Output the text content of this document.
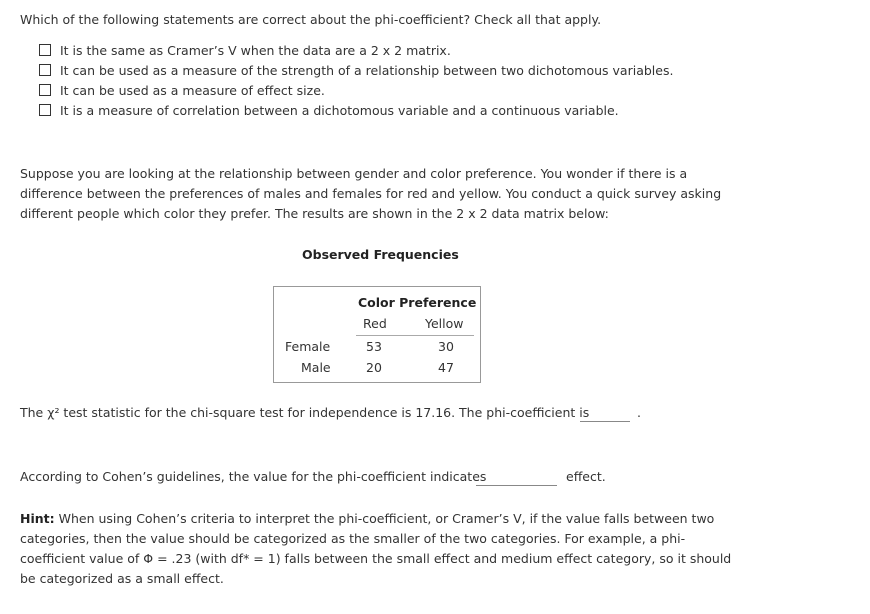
Which of the following statements are correct about the phi-coefficient? Check all that apply.
It is the same as Cramer’s V when the data are a 2 x 2 matrix.
It can be used as a measure of the strength of a relationship between two dichotomous variables.
It can be used as a measure of effect size.
It is a measure of correlation between a dichotomous variable and a continuous variable.
Suppose you are looking at the relationship between gender and color preference. You wonder if there is a difference between the preferences of males and females for red and yellow. You conduct a quick survey asking different people which color they prefer. The results are shown in the 2 x 2 data matrix below:
Observed Frequencies
Color Preference
Red	Yellow
Female	53	30
Male	20	47
The χ² test statistic for the chi-square test for independence is 17.16. The phi-coefficient is	.
According to Cohen’s guidelines, the value for the phi-coefficient indicates	effect.
Hint: When using Cohen’s criteria to interpret the phi-coefficient, or Cramer’s V, if the value falls between two categories, then the value should be categorized as the smaller of the two categories. For example, a phi-coefficient value of Φ = .23 (with df* = 1) falls between the small effect and medium effect category, so it should be categorized as a small effect.
